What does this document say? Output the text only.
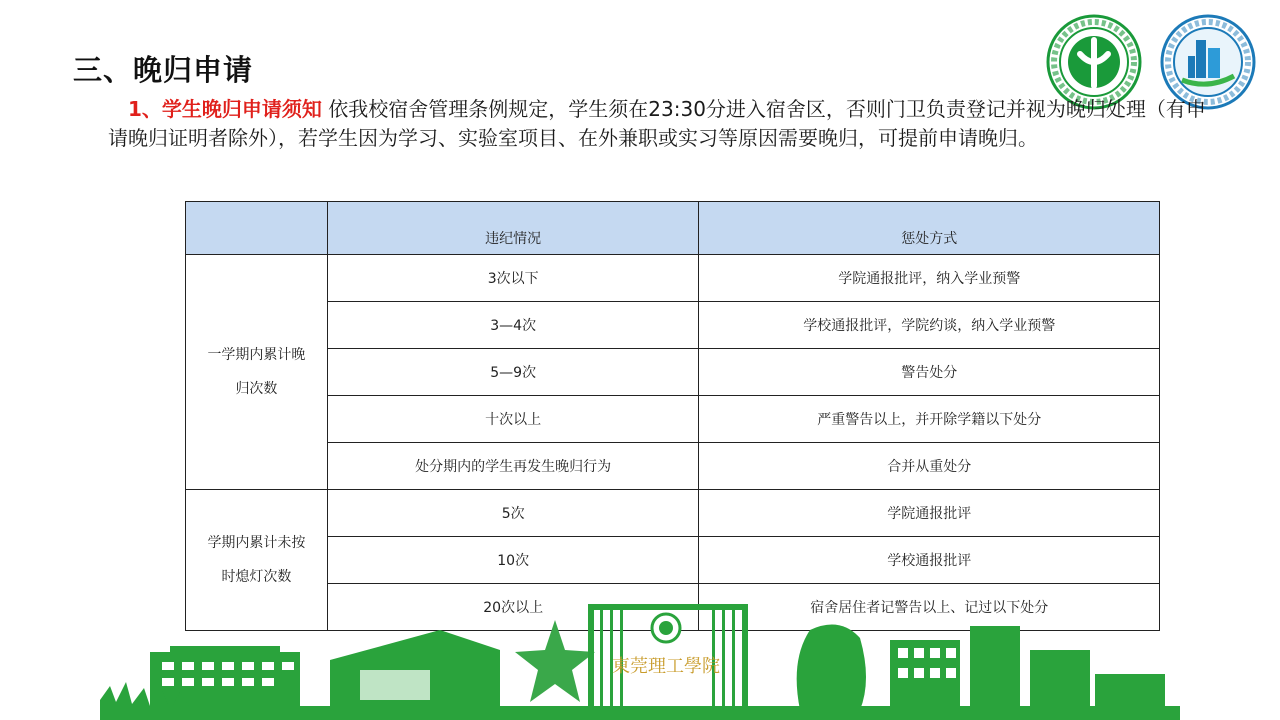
三、晚归申请
1、学生晚归申请须知 依我校宿舍管理条例规定，学生须在23:30分进入宿舍区，否则门卫负责登记并视为晚归处理（有申请晚归证明者除外），若学生因为学习、实验室项目、在外兼职或实习等原因需要晚归，可提前申请晚归。
	违纪情况	惩处方式

一学期内累计晚
归次数	3次以下	学院通报批评，纳入学业预警
	3—4次	学校通报批评，学院约谈，纳入学业预警
	5—9次	警告处分
	十次以上	严重警告以上，并开除学籍以下处分
	处分期内的学生再发生晚归行为	合并从重处分

学期内累计未按
时熄灯次数	5次	学院通报批评
	10次	学校通报批评
	20次以上	宿舍居住者记警告以上、记过以下处分
東莞理工學院
